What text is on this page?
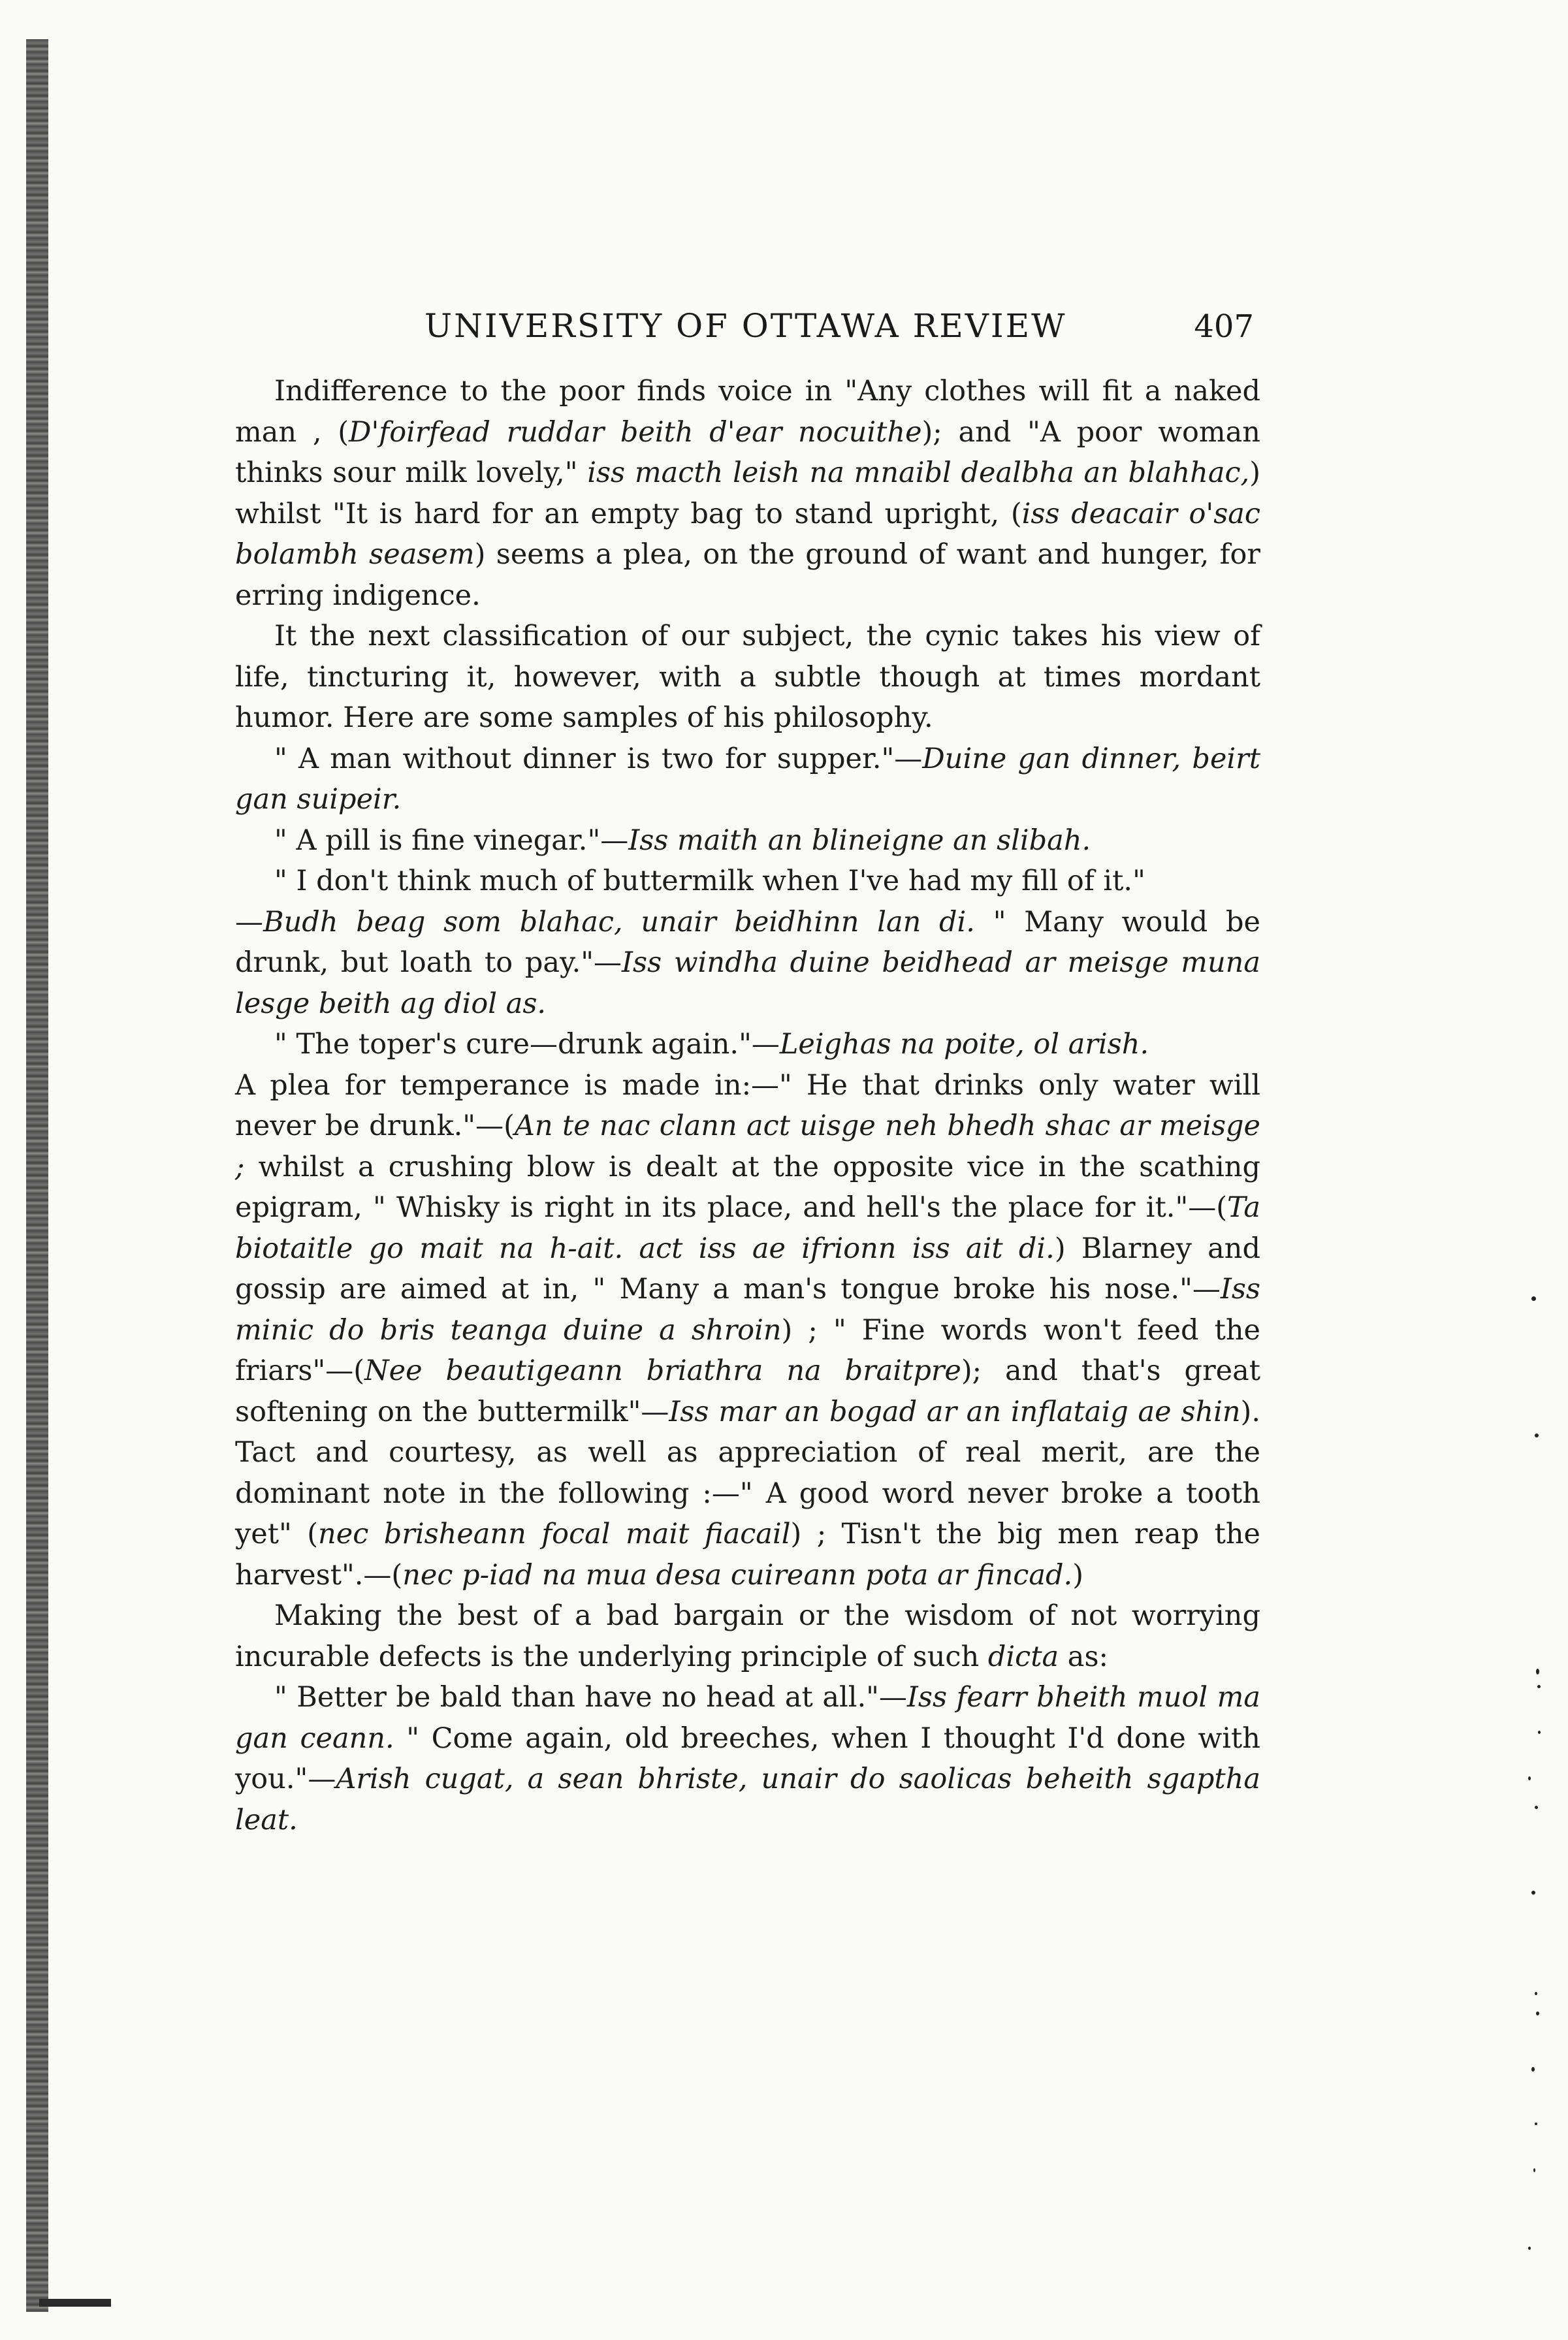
UNIVERSITY OF OTTAWA REVIEW	407

Indifference to the poor finds voice in "Any clothes will fit a naked man , (D'foirfead ruddar beith d'ear nocuithe); and "A poor woman thinks sour milk lovely," iss macth leish na mnaibl dealbha an blahhac,) whilst "It is hard for an empty bag to stand upright, (iss deacair o'sac bolambh seasem) seems a plea, on the ground of want and hunger, for erring indigence.

It the next classification of our subject, the cynic takes his view of life, tincturing it, however, with a subtle though at times mordant humor. Here are some samples of his philosophy.

" A man without dinner is two for supper."—Duine gan dinner, beirt gan suipeir.

" A pill is fine vinegar."—Iss maith an blineigne an slibah.

" I don't think much of buttermilk when I've had my fill of it."

—Budh beag som blahac, unair beidhinn lan di. " Many would be drunk, but loath to pay."—Iss windha duine beidhead ar meisge muna lesge beith ag diol as.

" The toper's cure—drunk again."—Leighas na poite, ol arish.

A plea for temperance is made in:—" He that drinks only water will never be drunk."—(An te nac clann act uisge neh bhedh shac ar meisge ; whilst a crushing blow is dealt at the opposite vice in the scathing epigram, " Whisky is right in its place, and hell's the place for it."—(Ta biotaitle go mait na h-ait. act iss ae ifrionn iss ait di.) Blarney and gossip are aimed at in, " Many a man's tongue broke his nose."—Iss minic do bris teanga duine a shroin) ; " Fine words won't feed the friars"—(Nee beautigeann briathra na braitpre); and that's great softening on the buttermilk"—Iss mar an bogad ar an inflataig ae shin). Tact and courtesy, as well as appreciation of real merit, are the dominant note in the following :—" A good word never broke a tooth yet" (nec brisheann focal mait fiacail) ; Tisn't the big men reap the harvest".—(nec p-iad na mua desa cuireann pota ar fincad.)

Making the best of a bad bargain or the wisdom of not worrying incurable defects is the underlying principle of such dicta as:

" Better be bald than have no head at all."—Iss fearr bheith muol ma gan ceann. " Come again, old breeches, when I thought I'd done with you."—Arish cugat, a sean bhriste, unair do saolicas beheith sgaptha leat.
